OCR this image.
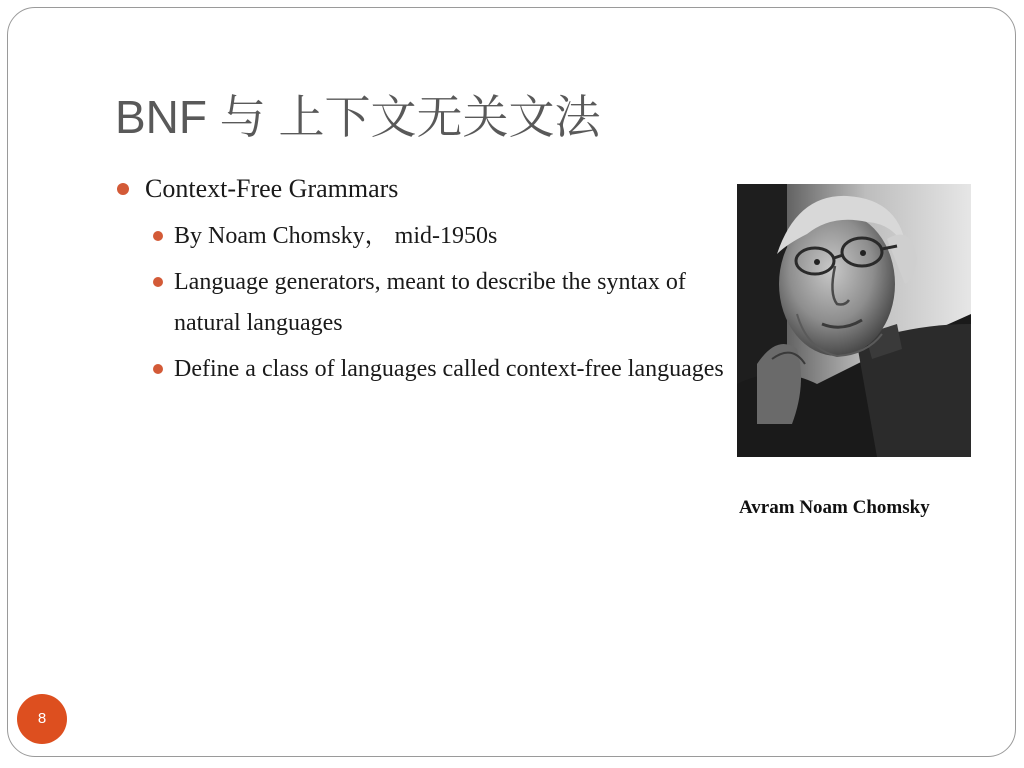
BNF 与 上下文无关文法
Context-Free Grammars
By Noam Chomsky， mid-1950s
Language generators, meant to describe the syntax of natural languages
Define a class of languages called context-free languages
Avram Noam Chomsky
8
